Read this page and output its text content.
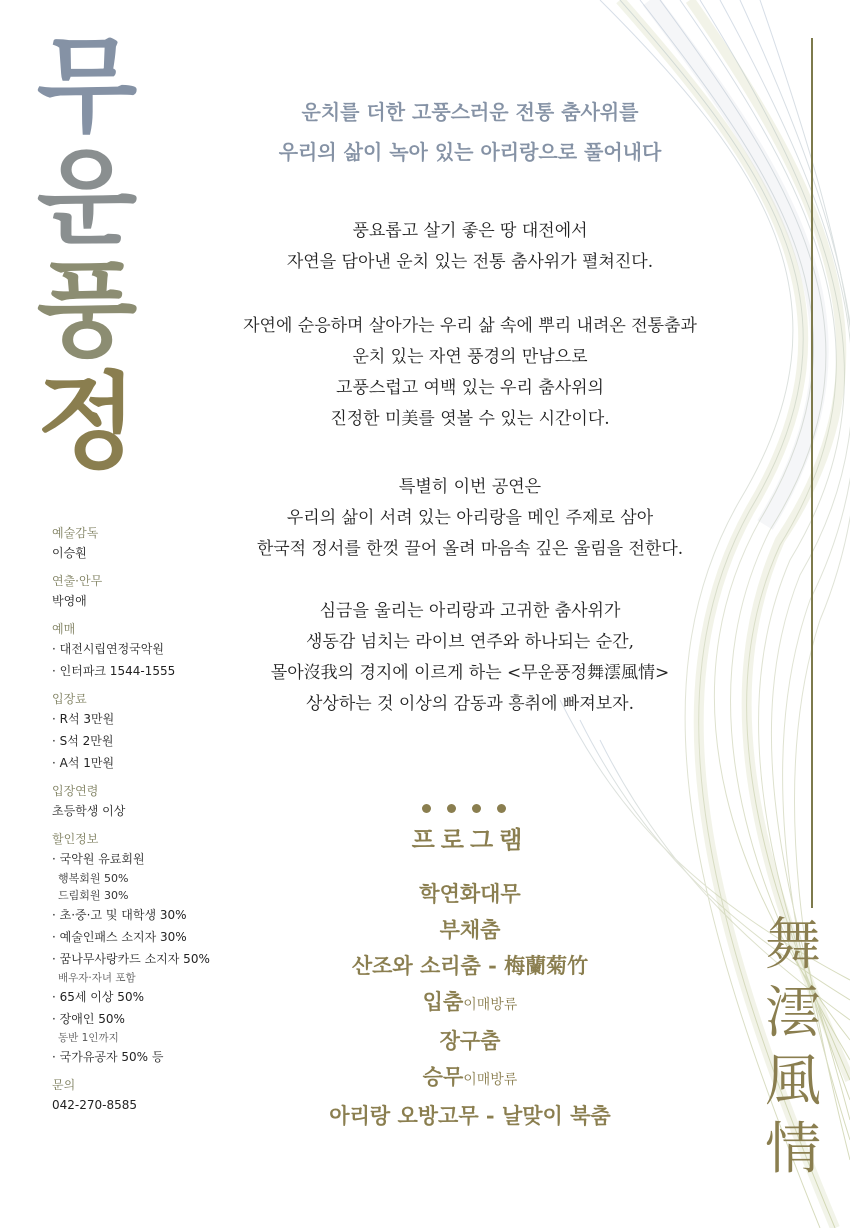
무
운
풍
정
예술감독
이승훤
연출·안무
박영애
예매
· 대전시립연정국악원
· 인터파크 1544-1555
입장료
· R석 3만원
· S석 2만원
· A석 1만원
입장연령
초등학생 이상
할인정보
· 국악원 유료회원
행복회원 50%
드림회원 30%
· 초·중·고 및 대학생 30%
· 예술인패스 소지자 30%
· 꿈나무사랑카드 소지자 50%
배우자·자녀 포함
· 65세 이상 50%
· 장애인 50%
동반 1인까지
· 국가유공자 50% 등
문의
042-270-8585
운치를 더한 고풍스러운 전통 춤사위를
우리의 삶이 녹아 있는 아리랑으로 풀어내다
풍요롭고 살기 좋은 땅 대전에서
자연을 담아낸 운치 있는 전통 춤사위가 펼쳐진다.
자연에 순응하며 살아가는 우리 삶 속에 뿌리 내려온 전통춤과
운치 있는 자연 풍경의 만남으로
고풍스럽고 여백 있는 우리 춤사위의
진정한 미美를 엿볼 수 있는 시간이다.
특별히 이번 공연은
우리의 삶이 서려 있는 아리랑을 메인 주제로 삼아
한국적 정서를 한껏 끌어 올려 마음속 깊은 울림을 전한다.
심금을 울리는 아리랑과 고귀한 춤사위가
생동감 넘치는 라이브 연주와 하나되는 순간,
몰아沒我의 경지에 이르게 하는 <무운풍정舞澐風情>
상상하는 것 이상의 감동과 흥취에 빠져보자.
프로그램
학연화대무
부채춤
산조와 소리춤 - 梅蘭菊竹
입춤이매방류
장구춤
승무이매방류
아리랑 오방고무 - 날맞이 북춤
舞
澐
風
情
